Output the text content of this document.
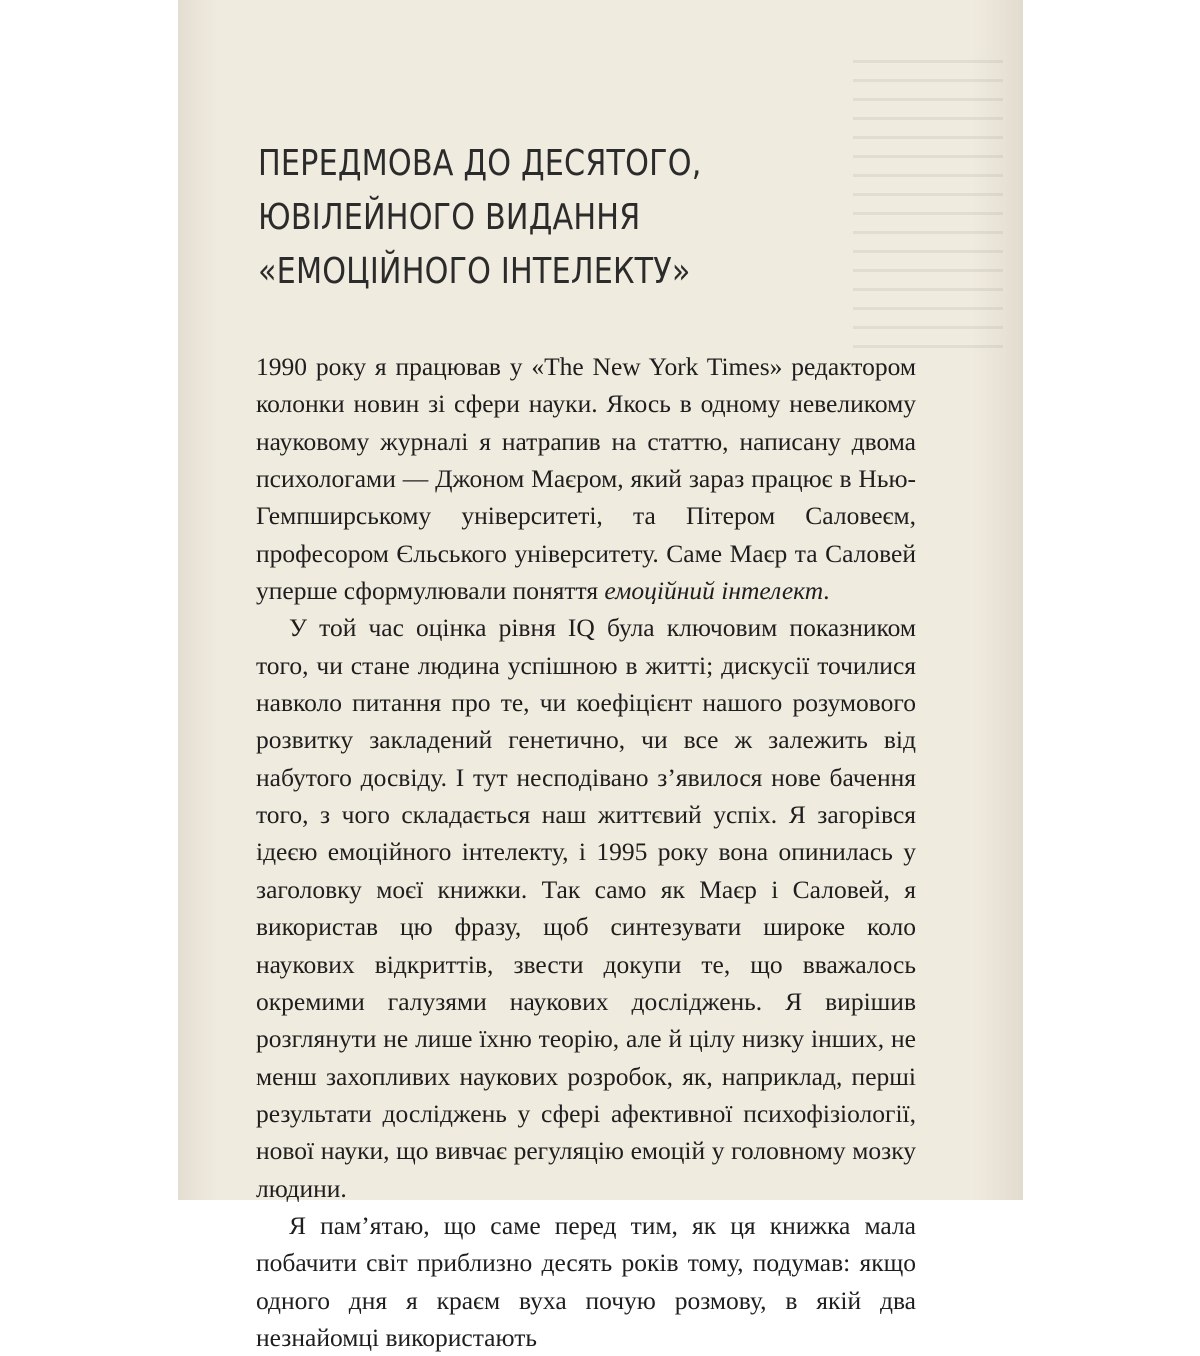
ПЕРЕДМОВА ДО ДЕСЯТОГО,
ЮВІЛЕЙНОГО ВИДАННЯ
«ЕМОЦІЙНОГО ІНТЕЛЕКТУ»

1990 року я працював у «The New York Times» редактором колонки новин зі сфери науки. Якось в одному невеликому науковому журналі я натрапив на статтю, написану двома психологами — Джоном Маєром, який зараз працює в Нью-Гемпширському університеті, та Пітером Саловеєм, професором Єльського університету. Саме Маєр та Саловей уперше сформулювали поняття емоційний інтелект.

У той час оцінка рівня IQ була ключовим показником того, чи стане людина успішною в житті; дискусії точилися навколо питання про те, чи коефіцієнт нашого розумового розвитку закладений генетично, чи все ж залежить від набутого досвіду. І тут несподівано з’явилося нове бачення того, з чого складається наш життєвий успіх. Я загорівся ідеєю емоційного інтелекту, і 1995 року вона опинилась у заголовку моєї книжки. Так само як Маєр і Саловей, я використав цю фразу, щоб синтезувати широке коло наукових відкриттів, звести докупи те, що вважалось окремими галузями наукових досліджень. Я вирішив розглянути не лише їхню теорію, але й цілу низку інших, не менш захопливих наукових розробок, як, наприклад, перші результати досліджень у сфері афективної психофізіології, нової науки, що вивчає регуляцію емоцій у головному мозку людини.

Я пам’ятаю, що саме перед тим, як ця книжка мала побачити світ приблизно десять років тому, подумав: якщо одного дня я краєм вуха почую розмову, в якій два незнайомці використають
